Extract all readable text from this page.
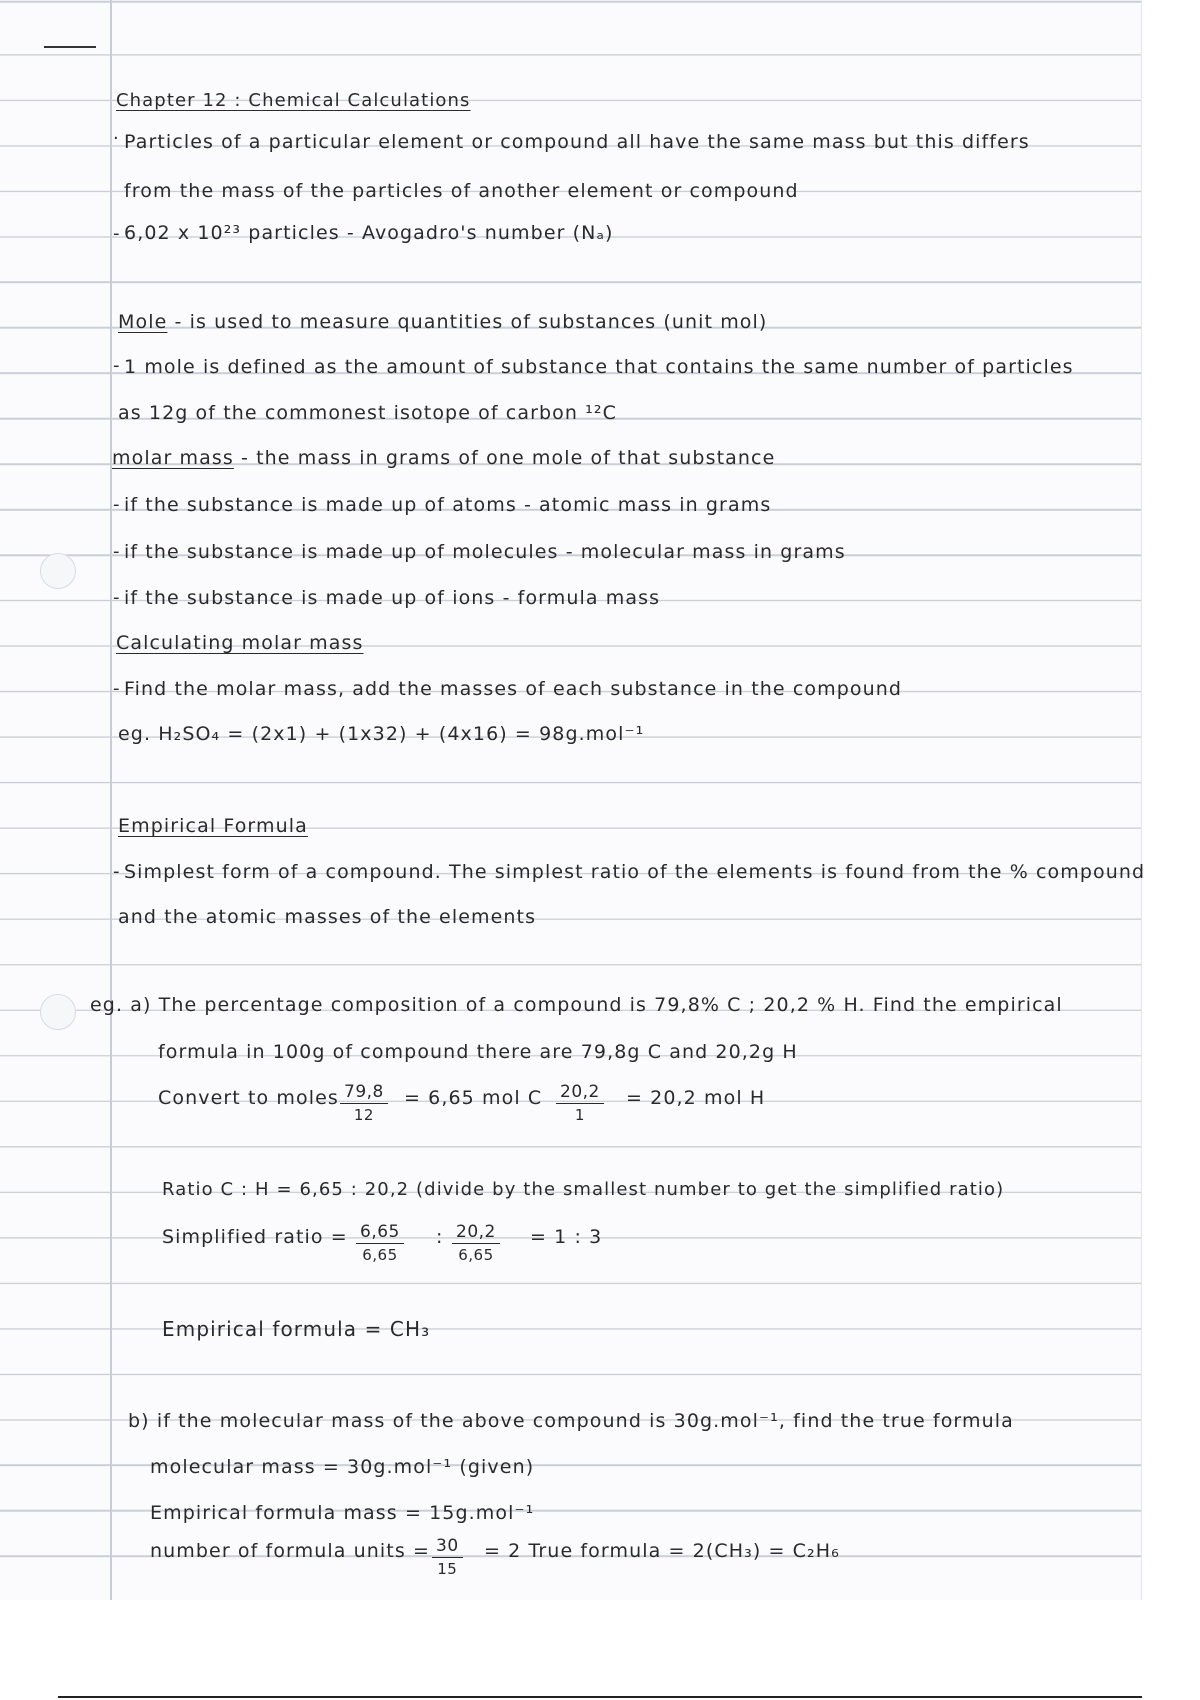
Chapter 12 : Chemical Calculations
· Particles of a particular element or compound all have the same mass but this differs
from the mass of the particles of another element or compound
- 6,02 x 10²³ particles - Avogadro's number (Nₐ)
Mole - is used to measure quantities of substances (unit mol)
- 1 mole is defined as the amount of substance that contains the same number of particles
as 12g of the commonest isotope of carbon ¹²C
molar mass - the mass in grams of one mole of that substance
- if the substance is made up of atoms - atomic mass in grams
- if the substance is made up of molecules - molecular mass in grams
- if the substance is made up of ions - formula mass
Calculating molar mass
- Find the molar mass, add the masses of each substance in the compound
eg. H₂SO₄ = (2x1) + (1x32) + (4x16) = 98g.mol⁻¹
Empirical Formula
- Simplest form of a compound. The simplest ratio of the elements is found from the % compound
and the atomic masses of the elements
eg. a) The percentage composition of a compound is 79,8% C ; 20,2 % H. Find the empirical
formula in 100g of compound there are 79,8g C and 20,2g H
Convert to moles $\frac{79,8}{12} = 6,65$ mol C $\frac{20,2}{1} = 20,2$ mol H
Ratio C : H = 6,65 : 20,2 (divide by the smallest number to get the simplified ratio)
Simplified ratio = $\frac{6,65}{6,65}$ : $\frac{20,2}{6,65} = 1$ : 3
Empirical formula = CH₃
b) if the molecular mass of the above compound is 30g.mol⁻¹, find the true formula
molecular mass = 30g.mol⁻¹ (given)
Empirical formula mass = 15g.mol⁻¹
number of formula units = $\frac{30}{15} = 2$ True formula = 2(CH₃) = C₂H₆
